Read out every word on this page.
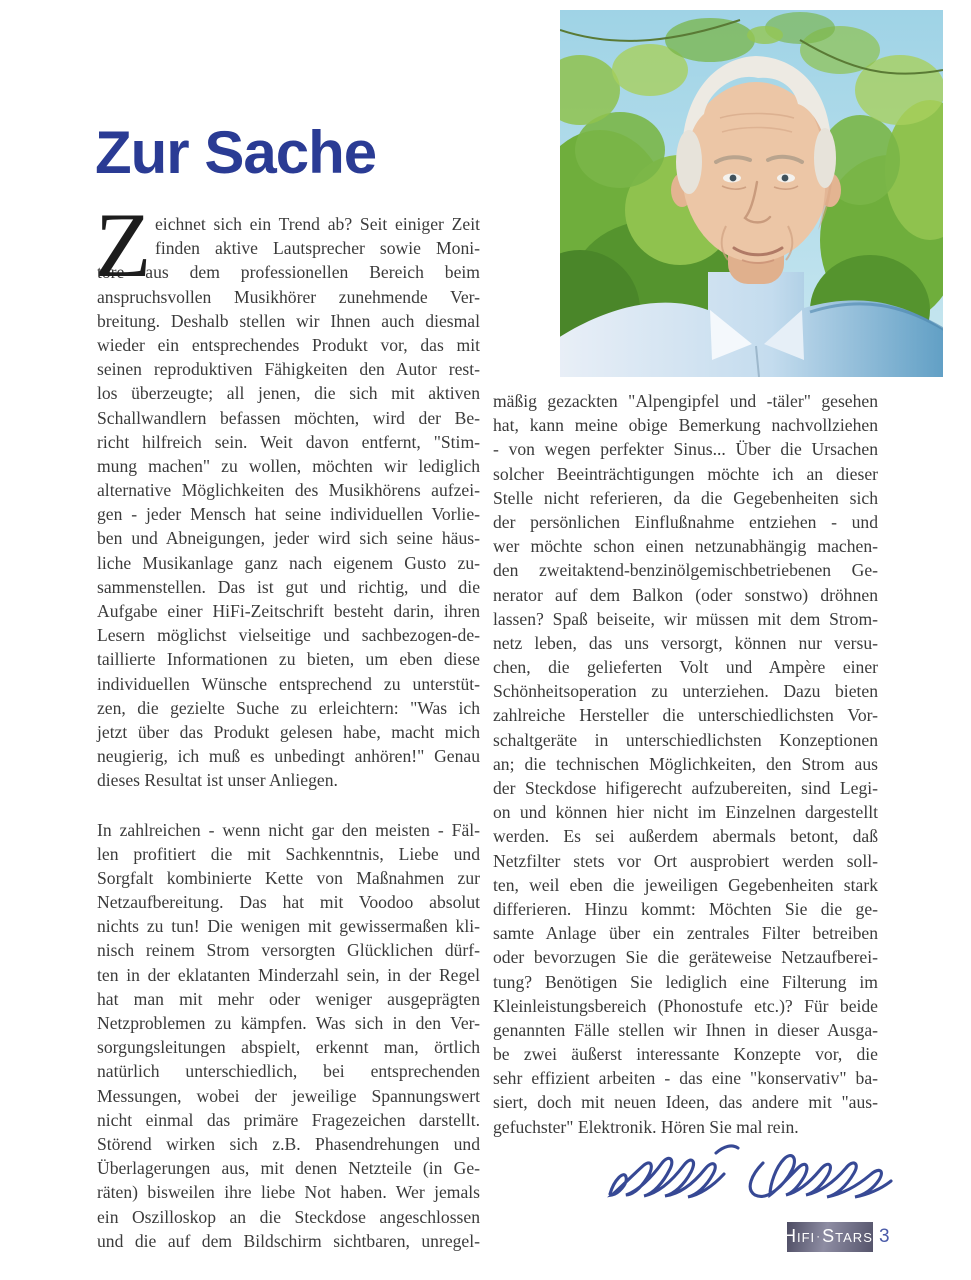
Zur Sache
Z eichnet sich ein Trend ab? Seit einiger Zeit
finden aktive Lautsprecher sowie Moni-
tore aus dem professionellen Bereich beim
anspruchsvollen Musikhörer zunehmende Ver-
breitung. Deshalb stellen wir Ihnen auch diesmal
wieder ein entsprechendes Produkt vor, das mit
seinen reproduktiven Fähigkeiten den Autor rest-
los überzeugte; all jenen, die sich mit aktiven
Schallwandlern befassen möchten, wird der Be-
richt hilfreich sein. Weit davon entfernt, "Stim-
mung machen" zu wollen, möchten wir lediglich
alternative Möglichkeiten des Musikhörens aufzei-
gen - jeder Mensch hat seine individuellen Vorlie-
ben und Abneigungen, jeder wird sich seine häus-
liche Musikanlage ganz nach eigenem Gusto zu-
sammenstellen. Das ist gut und richtig, und die
Aufgabe einer HiFi-Zeitschrift besteht darin, ihren
Lesern möglichst vielseitige und sachbezogen-de-
taillierte Informationen zu bieten, um eben diese
individuellen Wünsche entsprechend zu unterstüt-
zen, die gezielte Suche zu erleichtern: "Was ich
jetzt über das Produkt gelesen habe, macht mich
neugierig, ich muß es unbedingt anhören!" Genau
dieses Resultat ist unser Anliegen.
In zahlreichen - wenn nicht gar den meisten - Fäl-
len profitiert die mit Sachkenntnis, Liebe und
Sorgfalt kombinierte Kette von Maßnahmen zur
Netzaufbereitung. Das hat mit Voodoo absolut
nichts zu tun! Die wenigen mit gewissermaßen kli-
nisch reinem Strom versorgten Glücklichen dürf-
ten in der eklatanten Minderzahl sein, in der Regel
hat man mit mehr oder weniger ausgeprägten
Netzproblemen zu kämpfen. Was sich in den Ver-
sorgungsleitungen abspielt, erkennt man, örtlich
natürlich unterschiedlich, bei entsprechenden
Messungen, wobei der jeweilige Spannungswert
nicht einmal das primäre Fragezeichen darstellt.
Störend wirken sich z.B. Phasendrehungen und
Überlagerungen aus, mit denen Netzteile (in Ge-
räten) bisweilen ihre liebe Not haben. Wer jemals
ein Oszilloskop an die Steckdose angeschlossen
und die auf dem Bildschirm sichtbaren, unregel-
mäßig gezackten "Alpengipfel und -täler" gesehen
hat, kann meine obige Bemerkung nachvollziehen
- von wegen perfekter Sinus... Über die Ursachen
solcher Beeinträchtigungen möchte ich an dieser
Stelle nicht referieren, da die Gegebenheiten sich
der persönlichen Einflußnahme entziehen - und
wer möchte schon einen netzunabhängig machen-
den zweitaktend-benzinölgemischbetriebenen Ge-
nerator auf dem Balkon (oder sonstwo) dröhnen
lassen? Spaß beiseite, wir müssen mit dem Strom-
netz leben, das uns versorgt, können nur versu-
chen, die gelieferten Volt und Ampère einer
Schönheitsoperation zu unterziehen. Dazu bieten
zahlreiche Hersteller die unterschiedlichsten Vor-
schaltgeräte in unterschiedlichsten Konzeptionen
an; die technischen Möglichkeiten, den Strom aus
der Steckdose hifigerecht aufzubereiten, sind Legi-
on und können hier nicht im Einzelnen dargestellt
werden. Es sei außerdem abermals betont, daß
Netzfilter stets vor Ort ausprobiert werden soll-
ten, weil eben die jeweiligen Gegebenheiten stark
differieren. Hinzu kommt: Möchten Sie die ge-
samte Anlage über ein zentrales Filter betreiben
oder bevorzugen Sie die geräteweise Netzaufberei-
tung? Benötigen Sie lediglich eine Filterung im
Kleinleistungsbereich (Phonostufe etc.)? Für beide
genannten Fälle stellen wir Ihnen in dieser Ausga-
be zwei äußerst interessante Konzepte vor, die
sehr effizient arbeiten - das eine "konservativ" ba-
siert, doch mit neuen Ideen, das andere mit "aus-
gefuchster" Elektronik. Hören Sie mal rein.
Hifi · Stars • 3
